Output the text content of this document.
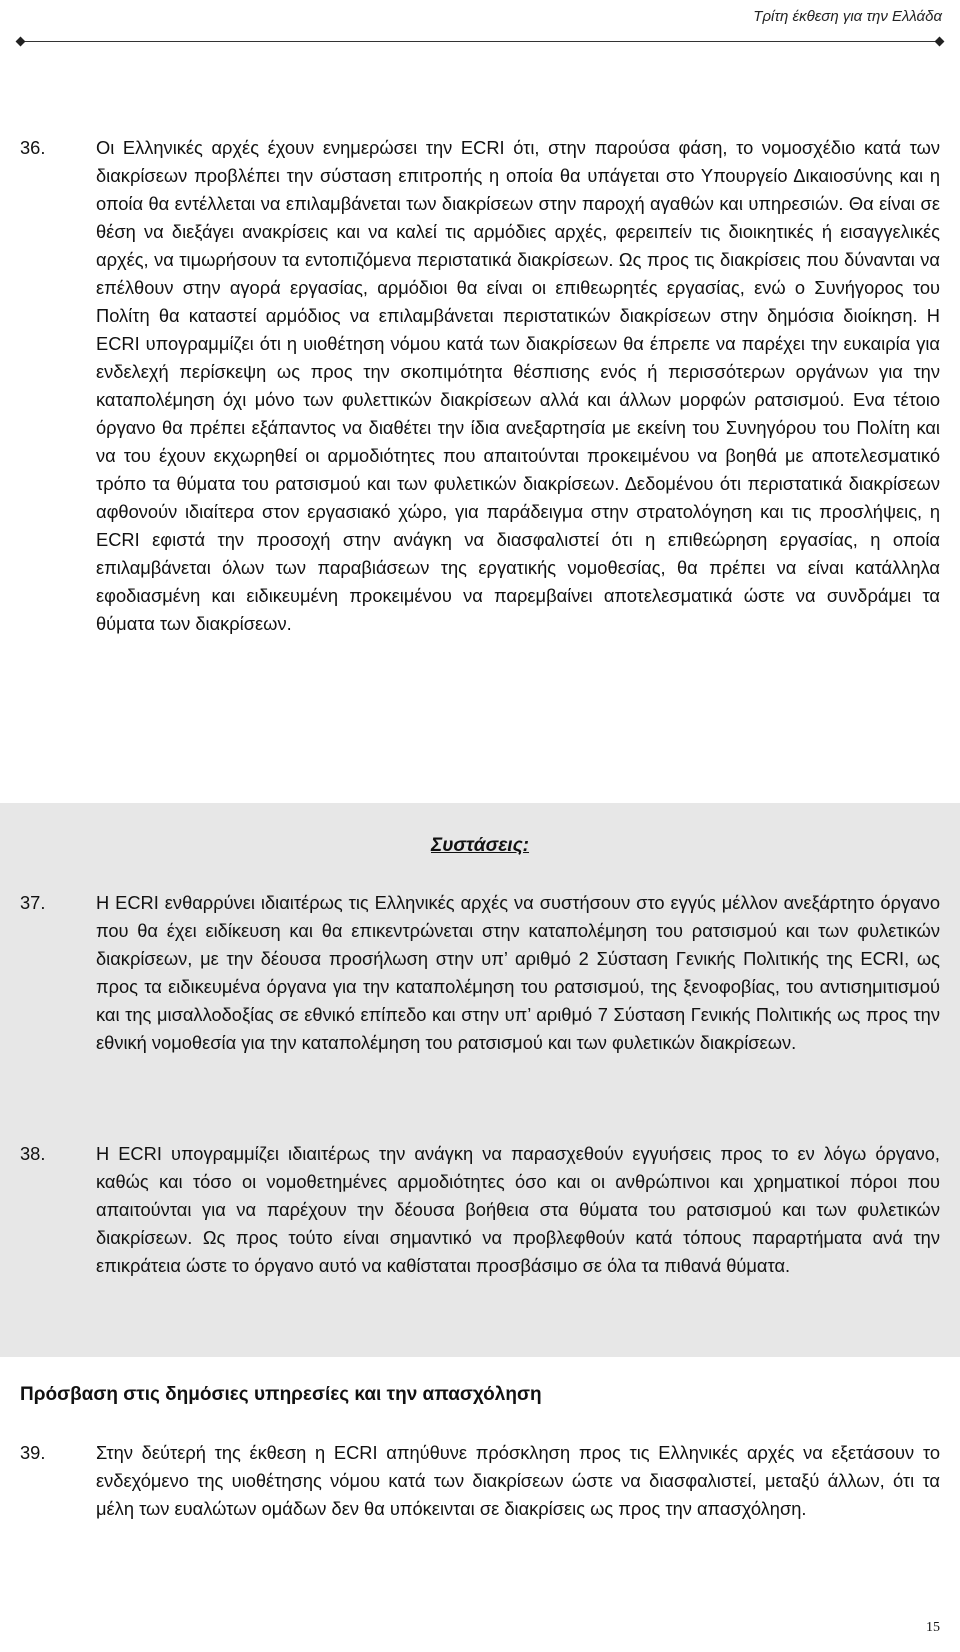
Τρίτη έκθεση για την Ελλάδα
36.	Οι Ελληνικές αρχές έχουν ενημερώσει την ECRI ότι, στην παρούσα φάση, το νομοσχέδιο κατά των διακρίσεων προβλέπει την σύσταση επιτροπής η οποία θα υπάγεται στο Υπουργείο Δικαιοσύνης και η οποία θα εντέλλεται να επιλαμβάνεται των διακρίσεων στην παροχή αγαθών και υπηρεσιών. Θα είναι σε θέση να διεξάγει ανακρίσεις και να καλεί τις αρμόδιες αρχές, φερειπείν τις διοικητικές ή εισαγγελικές αρχές, να τιμωρήσουν τα εντοπιζόμενα περιστατικά διακρίσεων. Ως προς τις διακρίσεις που δύνανται να επέλθουν στην αγορά εργασίας, αρμόδιοι θα είναι οι επιθεωρητές εργασίας, ενώ ο Συνήγορος του Πολίτη θα καταστεί αρμόδιος να επιλαμβάνεται περιστατικών διακρίσεων στην δημόσια διοίκηση. Η ECRI υπογραμμίζει ότι η υιοθέτηση νόμου κατά των διακρίσεων θα έπρεπε να παρέχει την ευκαιρία για ενδελεχή περίσκεψη ως προς την σκοπιμότητα θέσπισης ενός ή περισσότερων οργάνων για την καταπολέμηση όχι μόνο των φυλεττικών διακρίσεων αλλά και άλλων μορφών ρατσισμού. Ενα τέτοιο όργανο θα πρέπει εξάπαντος να διαθέτει την ίδια ανεξαρτησία με εκείνη του Συνηγόρου του Πολίτη και να του έχουν εκχωρηθεί οι αρμοδιότητες που απαιτούνται προκειμένου να βοηθά με αποτελεσματικό τρόπο τα θύματα του ρατσισμού και των φυλετικών διακρίσεων. Δεδομένου ότι περιστατικά διακρίσεων αφθονούν ιδιαίτερα στον εργασιακό χώρο, για παράδειγμα στην στρατολόγηση και τις προσλήψεις, η ECRI εφιστά την προσοχή στην ανάγκη να διασφαλιστεί ότι η επιθεώρηση εργασίας, η οποία επιλαμβάνεται όλων των παραβιάσεων της εργατικής νομοθεσίας, θα πρέπει να είναι κατάλληλα εφοδιασμένη και ειδικευμένη προκειμένου να παρεμβαίνει αποτελεσματικά ώστε να συνδράμει τα θύματα των διακρίσεων.
Συστάσεις:
37.	Η ECRI ενθαρρύνει ιδιαιτέρως τις Ελληνικές αρχές να συστήσουν στο εγγύς μέλλον ανεξάρτητο όργανο που θα έχει ειδίκευση και θα επικεντρώνεται στην καταπολέμηση του ρατσισμού και των φυλετικών διακρίσεων, με την δέουσα προσήλωση στην υπ’ αριθμό 2 Σύσταση Γενικής Πολιτικής της ECRI, ως προς τα ειδικευμένα όργανα για την καταπολέμηση του ρατσισμού, της ξενοφοβίας, του αντισημιτισμού και της μισαλλοδοξίας σε εθνικό επίπεδο και στην υπ’ αριθμό 7 Σύσταση Γενικής Πολιτικής ως προς την εθνική νομοθεσία για την καταπολέμηση του ρατσισμού και των φυλετικών διακρίσεων.
38.	Η ECRI υπογραμμίζει ιδιαιτέρως την ανάγκη να παρασχεθούν εγγυήσεις προς το εν λόγω όργανο, καθώς και τόσο οι νομοθετημένες αρμοδιότητες όσο και οι ανθρώπινοι και χρηματικοί πόροι που απαιτούνται για να παρέχουν την δέουσα βοήθεια στα θύματα του ρατσισμού και των φυλετικών διακρίσεων. Ως προς τούτο είναι σημαντικό να προβλεφθούν κατά τόπους παραρτήματα ανά την επικράτεια ώστε το όργανο αυτό να καθίσταται προσβάσιμο σε όλα τα πιθανά θύματα.
Πρόσβαση στις δημόσιες υπηρεσίες και την απασχόληση
39.	Στην δεύτερή της έκθεση η ECRI απηύθυνε πρόσκληση προς τις Ελληνικές αρχές να εξετάσουν το ενδεχόμενο της υιοθέτησης νόμου κατά των διακρίσεων ώστε να διασφαλιστεί, μεταξύ άλλων, ότι τα μέλη των ευαλώτων ομάδων δεν θα υπόκεινται σε διακρίσεις ως προς την απασχόληση.
15
